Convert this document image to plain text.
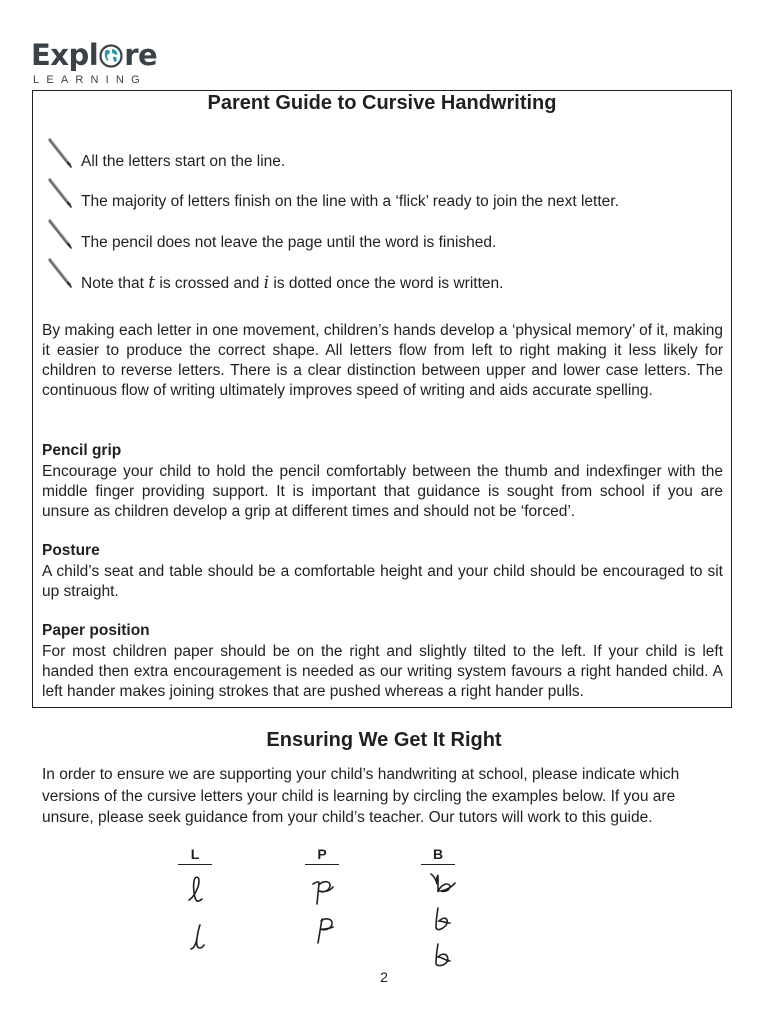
Expl re
LEARNING
Parent Guide to Cursive Handwriting
All the letters start on the line.
The majority of letters finish on the line with a ‘flick’ ready to join the next letter.
The pencil does not leave the page until the word is finished.
Note that t is crossed and i is dotted once the word is written.

By making each letter in one movement, children’s hands develop a ‘physical memory’ of it, making it easier to produce the correct shape. All letters flow from left to right making it less likely for children to reverse letters. There is a clear distinction between upper and lower case letters. The continuous flow of writing ultimately improves speed of writing and aids accurate spelling.

Pencil grip

Encourage your child to hold the pencil comfortably between the thumb and indexfinger with the middle finger providing support. It is important that guidance is sought from school if you are unsure as children develop a grip at different times and should not be ‘forced’.

Posture

A child’s seat and table should be a comfortable height and your child should be encouraged to sit up straight.

Paper position

For most children paper should be on the right and slightly tilted to the left. If your child is left handed then extra encouragement is needed as our writing system favours a right handed child. A left hander makes joining strokes that are pushed whereas a right hander pulls.

Ensuring We Get It Right

In order to ensure we are supporting your child’s handwriting at school, please indicate which versions of the cursive letters your child is learning by circling the examples below. If you are unsure, please seek guidance from your child’s teacher. Our tutors will work to this guide.

L	P	B
2
